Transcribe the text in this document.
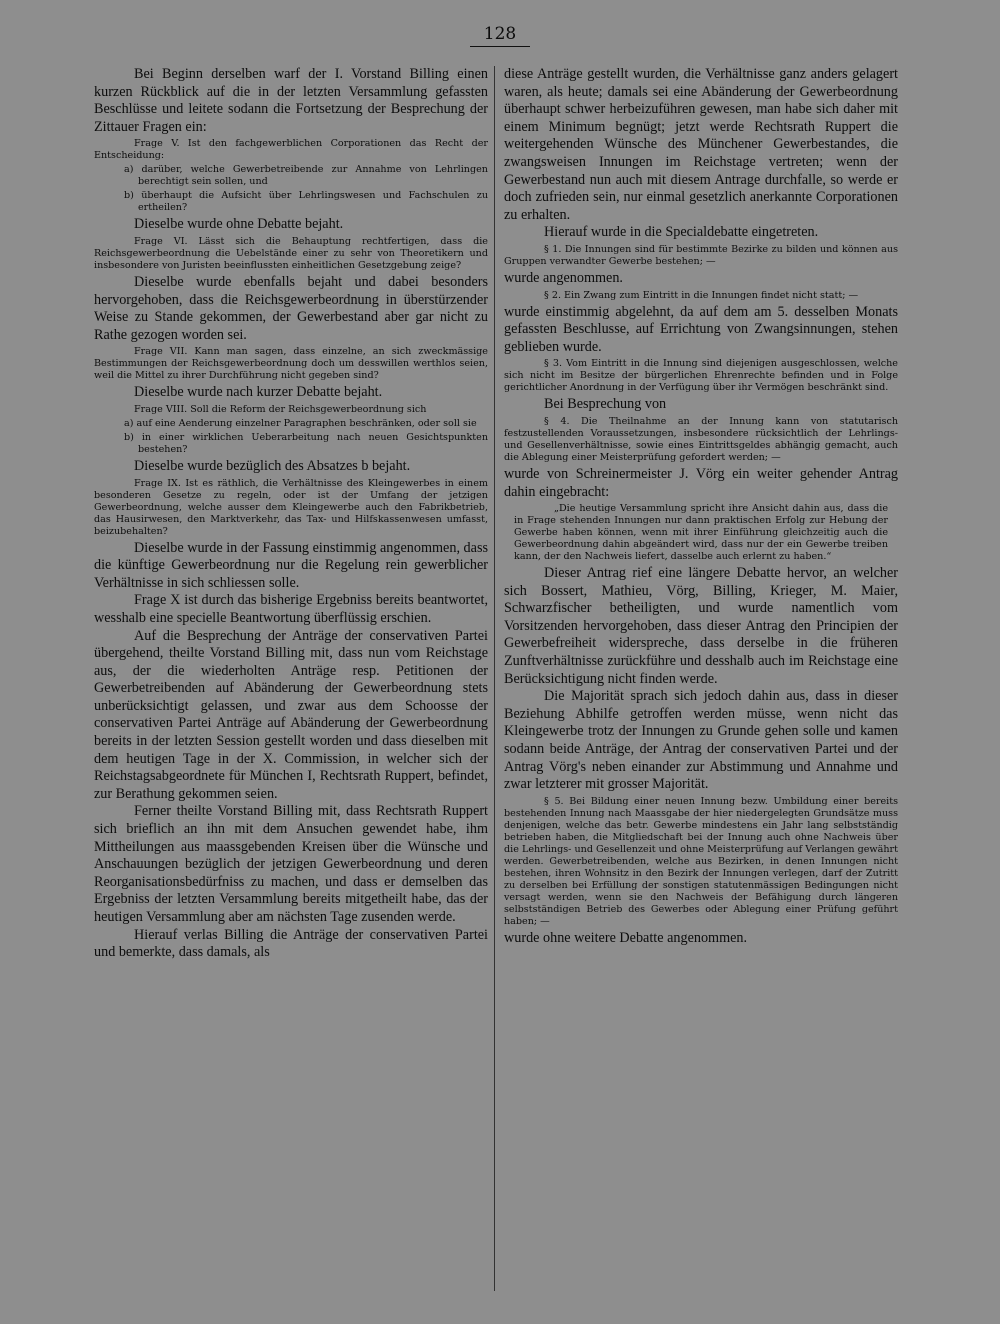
128

Bei Beginn derselben warf der I. Vorstand Billing einen kurzen Rückblick auf die in der letzten Versammlung gefassten Beschlüsse und leitete sodann die Fortsetzung der Besprechung der Zittauer Fragen ein:

Frage V. Ist den fachgewerblichen Corporationen das Recht der Entscheidung:

a) darüber, welche Gewerbetreibende zur Annahme von Lehrlingen berechtigt sein sollen, und

b) überhaupt die Aufsicht über Lehrlingswesen und Fachschulen zu ertheilen?

Dieselbe wurde ohne Debatte bejaht.

Frage VI. Lässt sich die Behauptung rechtfertigen, dass die Reichsgewerbeordnung die Uebelstände einer zu sehr von Theoretikern und insbesondere von Juristen beeinflussten einheitlichen Gesetzgebung zeige?

Dieselbe wurde ebenfalls bejaht und dabei besonders hervorgehoben, dass die Reichsgewerbeordnung in überstürzender Weise zu Stande gekommen, der Gewerbestand aber gar nicht zu Rathe gezogen worden sei.

Frage VII. Kann man sagen, dass einzelne, an sich zweckmässige Bestimmungen der Reichsgewerbeordnung doch um desswillen werthlos seien, weil die Mittel zu ihrer Durchführung nicht gegeben sind?

Dieselbe wurde nach kurzer Debatte bejaht.

Frage VIII. Soll die Reform der Reichsgewerbeordnung sich

a) auf eine Aenderung einzelner Paragraphen beschränken, oder soll sie

b) in einer wirklichen Ueberarbeitung nach neuen Gesichtspunkten bestehen?

Dieselbe wurde bezüglich des Absatzes b bejaht.

Frage IX. Ist es räthlich, die Verhältnisse des Kleingewerbes in einem besonderen Gesetze zu regeln, oder ist der Umfang der jetzigen Gewerbeordnung, welche ausser dem Kleingewerbe auch den Fabrikbetrieb, das Hausirwesen, den Marktverkehr, das Tax- und Hilfskassenwesen umfasst, beizubehalten?

Dieselbe wurde in der Fassung einstimmig angenommen, dass die künftige Gewerbeordnung nur die Regelung rein gewerblicher Verhältnisse in sich schliessen solle.

Frage X ist durch das bisherige Ergebniss bereits beantwortet, wesshalb eine specielle Beantwortung überflüssig erschien.

Auf die Besprechung der Anträge der conservativen Partei übergehend, theilte Vorstand Billing mit, dass nun vom Reichstage aus, der die wiederholten Anträge resp. Petitionen der Gewerbetreibenden auf Abänderung der Gewerbeordnung stets unberücksichtigt gelassen, und zwar aus dem Schoosse der conservativen Partei Anträge auf Abänderung der Gewerbeordnung bereits in der letzten Session gestellt worden und dass dieselben mit dem heutigen Tage in der X. Commission, in welcher sich der Reichstagsabgeordnete für München I, Rechtsrath Ruppert, befindet, zur Berathung gekommen seien.

Ferner theilte Vorstand Billing mit, dass Rechtsrath Ruppert sich brieflich an ihn mit dem Ansuchen gewendet habe, ihm Mittheilungen aus maassgebenden Kreisen über die Wünsche und Anschauungen bezüglich der jetzigen Gewerbeordnung und deren Reorganisationsbedürfniss zu machen, und dass er demselben das Ergebniss der letzten Versammlung bereits mitgetheilt habe, das der heutigen Versammlung aber am nächsten Tage zusenden werde.

Hierauf verlas Billing die Anträge der conservativen Partei und bemerkte, dass damals, als

diese Anträge gestellt wurden, die Verhältnisse ganz anders gelagert waren, als heute; damals sei eine Abänderung der Gewerbeordnung überhaupt schwer herbeizuführen gewesen, man habe sich daher mit einem Minimum begnügt; jetzt werde Rechtsrath Ruppert die weitergehenden Wünsche des Münchener Gewerbestandes, die zwangsweisen Innungen im Reichstage vertreten; wenn der Gewerbestand nun auch mit diesem Antrage durchfalle, so werde er doch zufrieden sein, nur einmal gesetzlich anerkannte Corporationen zu erhalten.

Hierauf wurde in die Specialdebatte eingetreten.

§ 1. Die Innungen sind für bestimmte Bezirke zu bilden und können aus Gruppen verwandter Gewerbe bestehen; —

wurde angenommen.

§ 2. Ein Zwang zum Eintritt in die Innungen findet nicht statt; —

wurde einstimmig abgelehnt, da auf dem am 5. desselben Monats gefassten Beschlusse, auf Errichtung von Zwangsinnungen, stehen geblieben wurde.

§ 3. Vom Eintritt in die Innung sind diejenigen ausgeschlossen, welche sich nicht im Besitze der bürgerlichen Ehrenrechte befinden und in Folge gerichtlicher Anordnung in der Verfügung über ihr Vermögen beschränkt sind.

Bei Besprechung von

§ 4. Die Theilnahme an der Innung kann von statutarisch festzustellenden Voraussetzungen, insbesondere rücksichtlich der Lehrlings- und Gesellenverhältnisse, sowie eines Eintrittsgeldes abhängig gemacht, auch die Ablegung einer Meisterprüfung gefordert werden; —

wurde von Schreinermeister J. Vörg ein weiter gehender Antrag dahin eingebracht:

„Die heutige Versammlung spricht ihre Ansicht dahin aus, dass die in Frage stehenden Innungen nur dann praktischen Erfolg zur Hebung der Gewerbe haben können, wenn mit ihrer Einführung gleichzeitig auch die Gewerbeordnung dahin abgeändert wird, dass nur der ein Gewerbe treiben kann, der den Nachweis liefert, dasselbe auch erlernt zu haben.“

Dieser Antrag rief eine längere Debatte hervor, an welcher sich Bossert, Mathieu, Vörg, Billing, Krieger, M. Maier, Schwarzfischer betheiligten, und wurde namentlich vom Vorsitzenden hervorgehoben, dass dieser Antrag den Principien der Gewerbefreiheit widerspreche, dass derselbe in die früheren Zunftverhältnisse zurückführe und desshalb auch im Reichstage eine Berücksichtigung nicht finden werde.

Die Majorität sprach sich jedoch dahin aus, dass in dieser Beziehung Abhilfe getroffen werden müsse, wenn nicht das Kleingewerbe trotz der Innungen zu Grunde gehen solle und kamen sodann beide Anträge, der Antrag der conservativen Partei und der Antrag Vörg's neben einander zur Abstimmung und Annahme und zwar letzterer mit grosser Majorität.

§ 5. Bei Bildung einer neuen Innung bezw. Umbildung einer bereits bestehenden Innung nach Maassgabe der hier niedergelegten Grundsätze muss denjenigen, welche das betr. Gewerbe mindestens ein Jahr lang selbstständig betrieben haben, die Mitgliedschaft bei der Innung auch ohne Nachweis über die Lehrlings- und Gesellenzeit und ohne Meisterprüfung auf Verlangen gewährt werden. Gewerbetreibenden, welche aus Bezirken, in denen Innungen nicht bestehen, ihren Wohnsitz in den Bezirk der Innungen verlegen, darf der Zutritt zu derselben bei Erfüllung der sonstigen statutenmässigen Bedingungen nicht versagt werden, wenn sie den Nachweis der Befähigung durch längeren selbstständigen Betrieb des Gewerbes oder Ablegung einer Prüfung geführt haben; —

wurde ohne weitere Debatte angenommen.
